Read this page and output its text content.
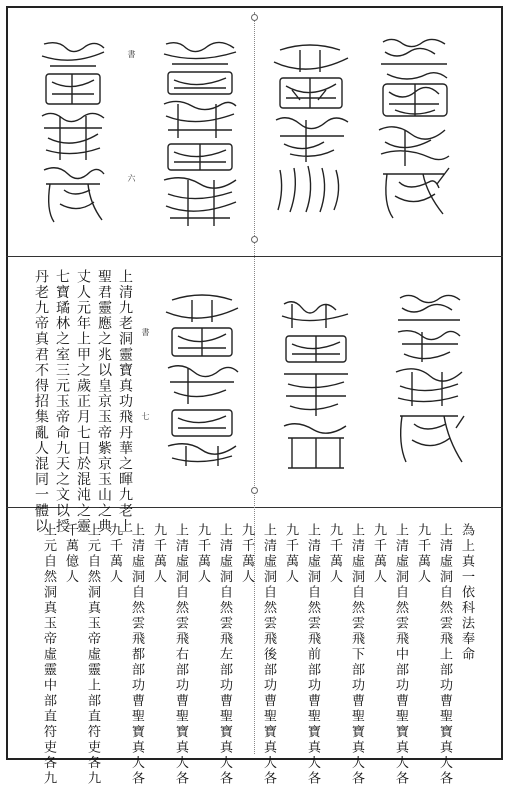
書
六
書
七
上清九老洞靈寶真功飛丹華之暉九老上
聖君靈應之兆以皇京玉帝紫京玉山之典
丈人元年上甲之歲正月七日於混沌之靈
七寶璚林之室三元玉帝命九天之文以授
丹老九帝真君不得招集亂人混同一體以
為上真一依科法奉命
上清虛洞自然雲飛上部功曹聖寶真人各
九千萬人
上清虛洞自然雲飛中部功曹聖寶真人各
九千萬人
上清虛洞自然雲飛下部功曹聖寶真人各
九千萬人
上清虛洞自然雲飛前部功曹聖寶真人各
九千萬人
上清虛洞自然雲飛後部功曹聖寶真人各
九千萬人
上清虛洞自然雲飛左部功曹聖寶真人各
九千萬人
上清虛洞自然雲飛右部功曹聖寶真人各
九千萬人
上清虛洞自然雲飛都部功曹聖寶真人各
九千萬人
上元自然洞真玉帝虛靈上部直符吏各九
千萬億人
上元自然洞真玉帝虛靈中部直符吏各九
